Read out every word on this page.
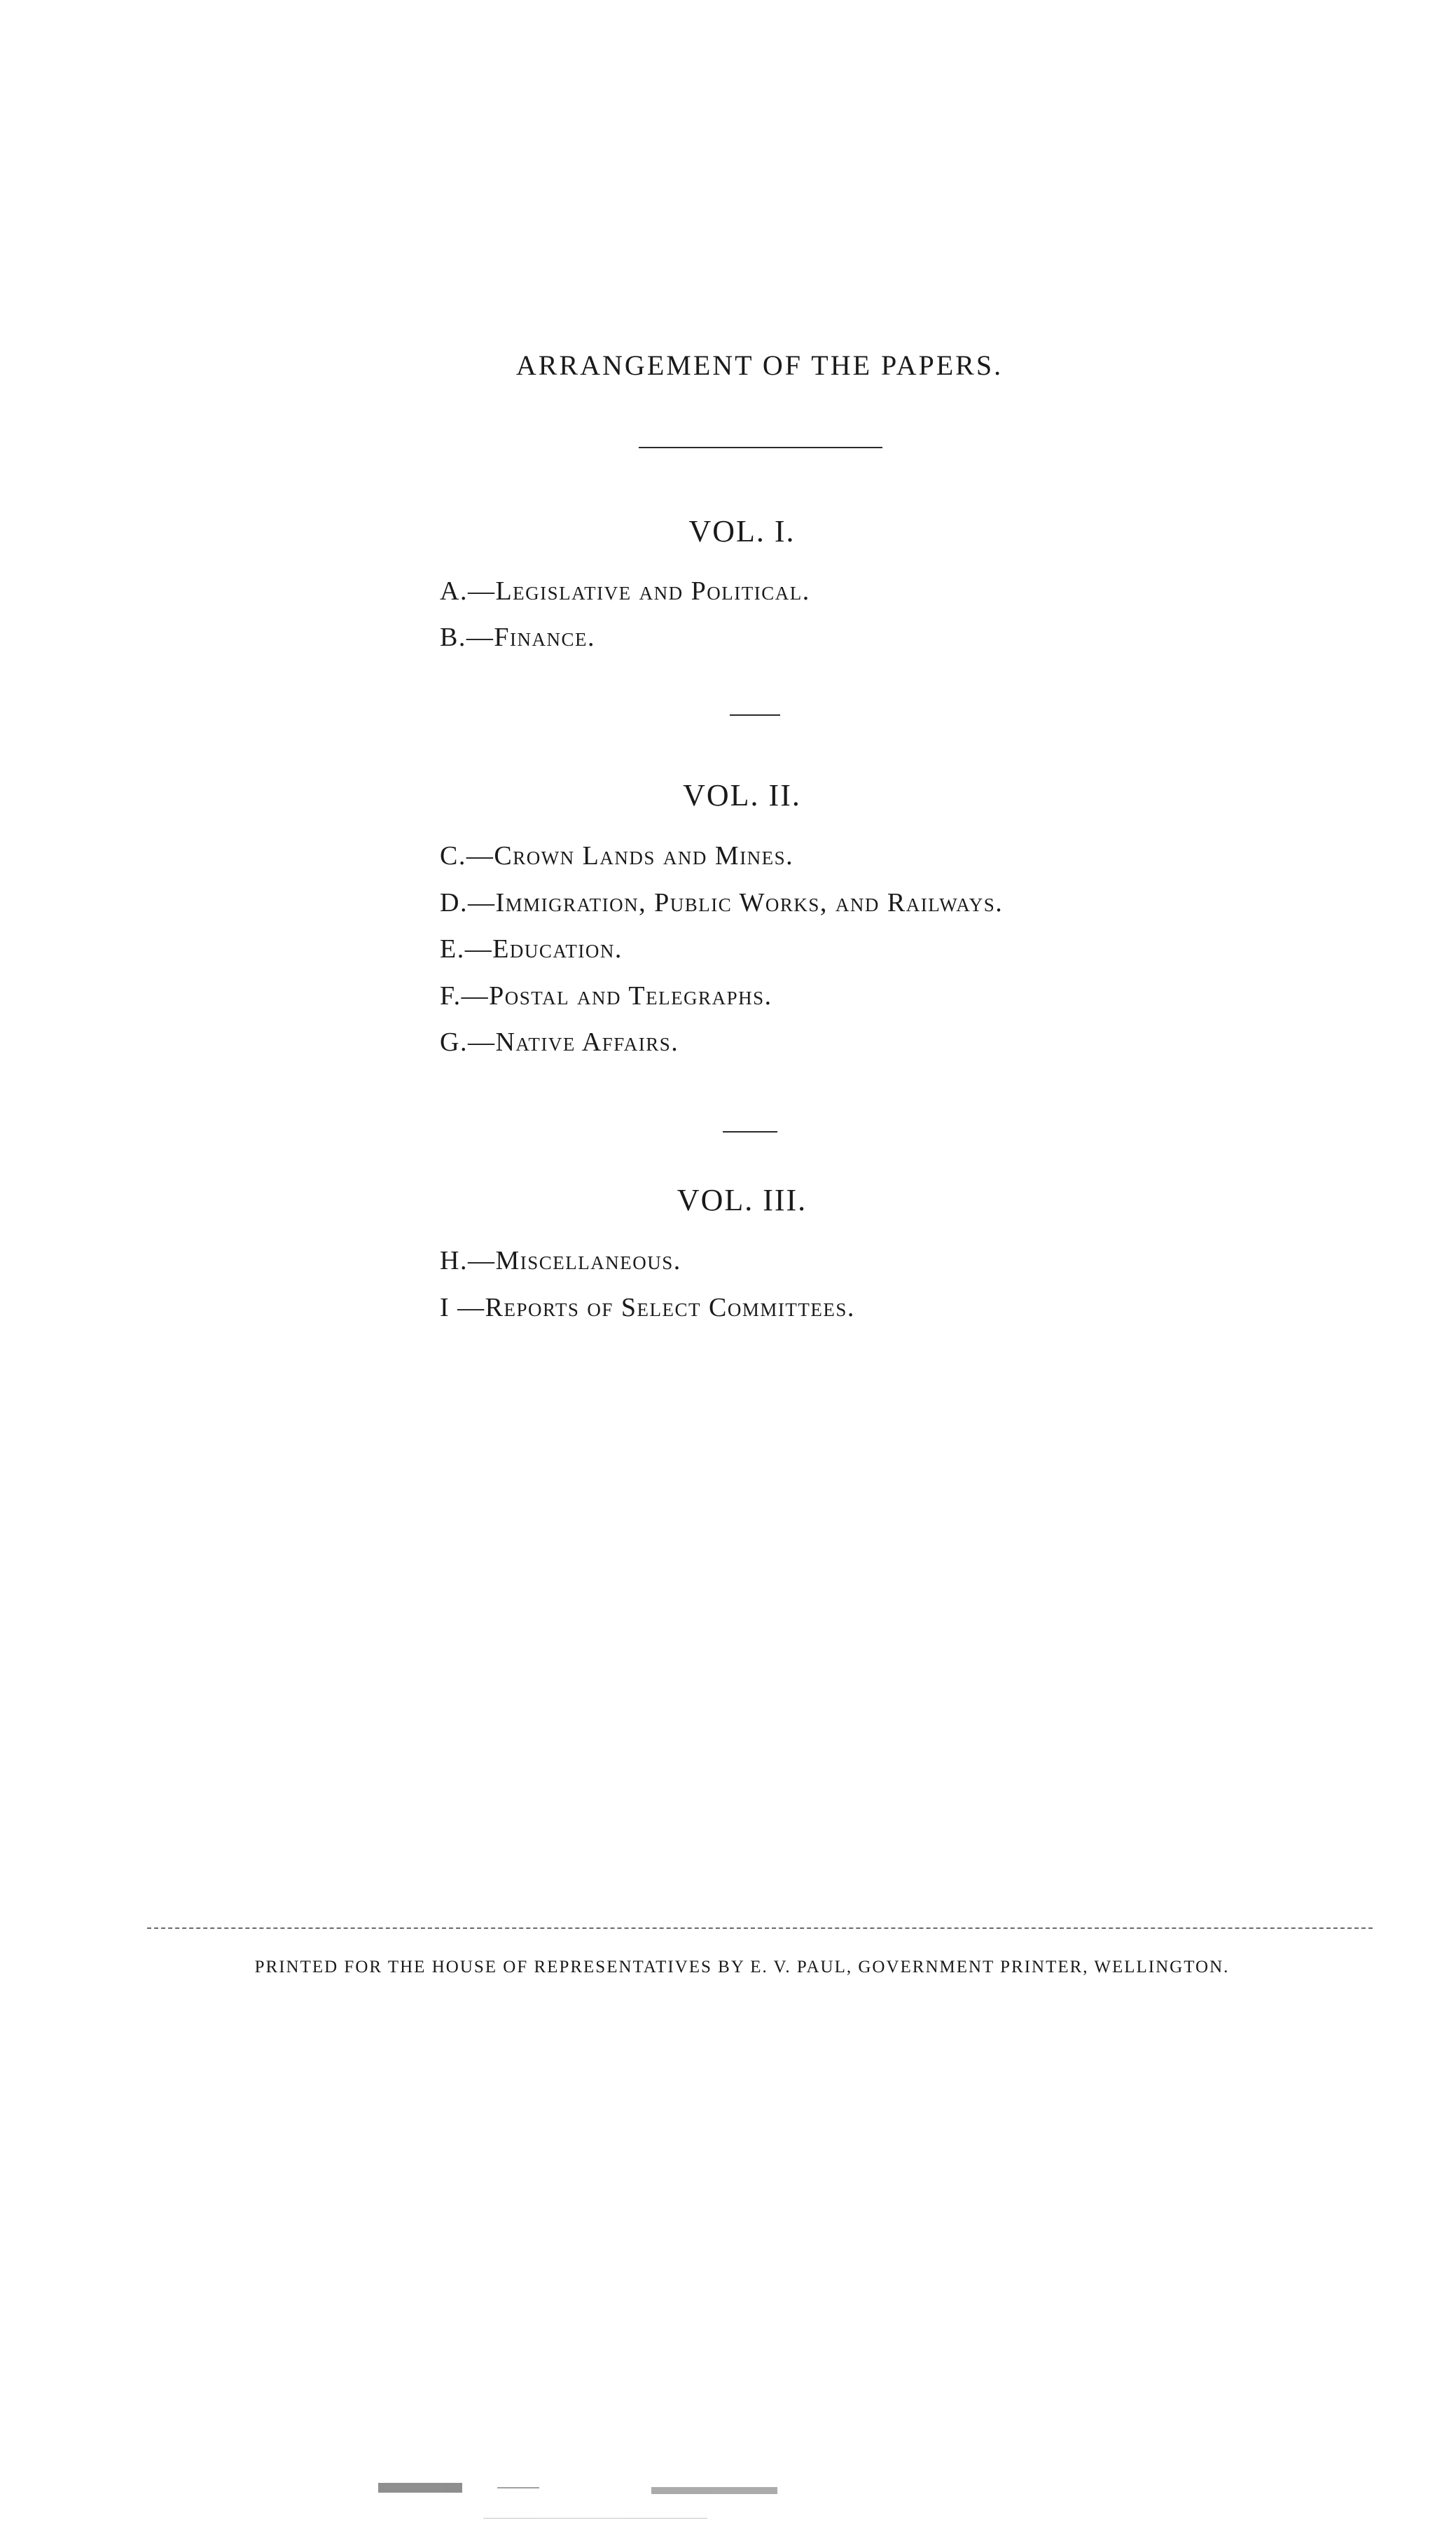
ARRANGEMENT OF THE PAPERS.
VOL. I.
A.—Legislative and Political.
B.—Finance.
VOL. II.
C.—Crown Lands and Mines.
D.—Immigration, Public Works, and Railways.
E.—Education.
F.—Postal and Telegraphs.
G.—Native Affairs.
VOL. III.
H.—Miscellaneous.
I —Reports of Select Committees.
PRINTED FOR THE HOUSE OF REPRESENTATIVES BY E. V. PAUL, GOVERNMENT PRINTER, WELLINGTON.
